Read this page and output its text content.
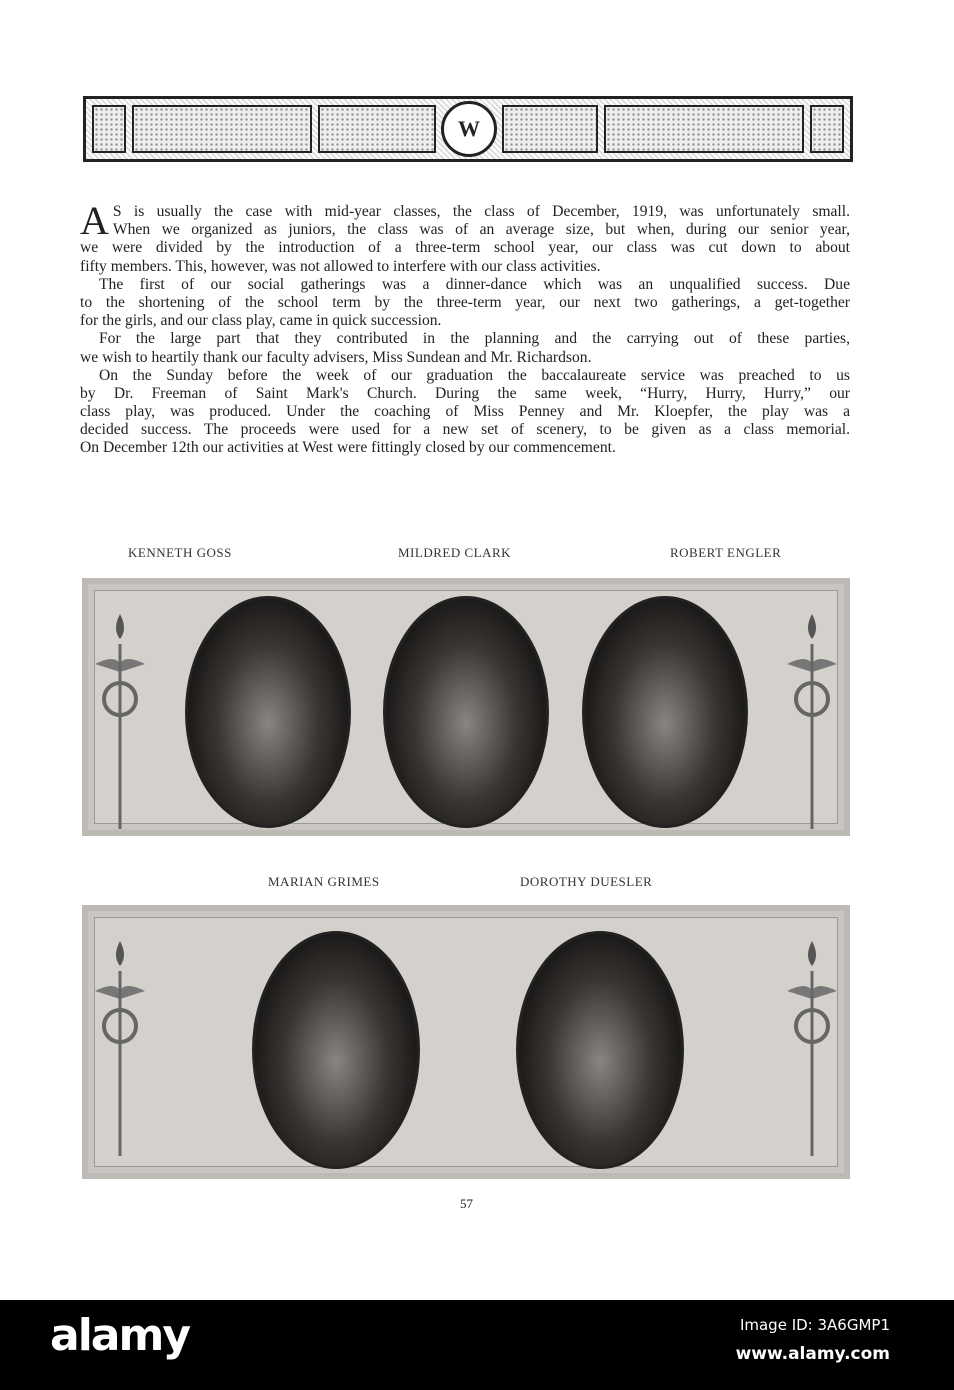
W
A S is usually the case with mid-year classes, the class of December, 1919, was unfortunately small.
When we organized as juniors, the class was of an average size, but when, during our senior year,
we were divided by the introduction of a three-term school year, our class was cut down to about
fifty members. This, however, was not allowed to interfere with our class activities.
The first of our social gatherings was a dinner-dance which was an unqualified success. Due
to the shortening of the school term by the three-term year, our next two gatherings, a get-together
for the girls, and our class play, came in quick succession.
For the large part that they contributed in the planning and the carrying out of these parties,
we wish to heartily thank our faculty advisers, Miss Sundean and Mr. Richardson.
On the Sunday before the week of our graduation the baccalaureate service was preached to us
by Dr. Freeman of Saint Mark's Church. During the same week, “Hurry, Hurry, Hurry,” our
class play, was produced. Under the coaching of Miss Penney and Mr. Kloepfer, the play was a
decided success. The proceeds were used for a new set of scenery, to be given as a class memorial.
On December 12th our activities at West were fittingly closed by our commencement.
KENNETH GOSS	MILDRED CLARK	ROBERT ENGLER
MARIAN GRIMES	DOROTHY DUESLER
57
alamy	Image ID: 3A6GMP1
www.alamy.com
